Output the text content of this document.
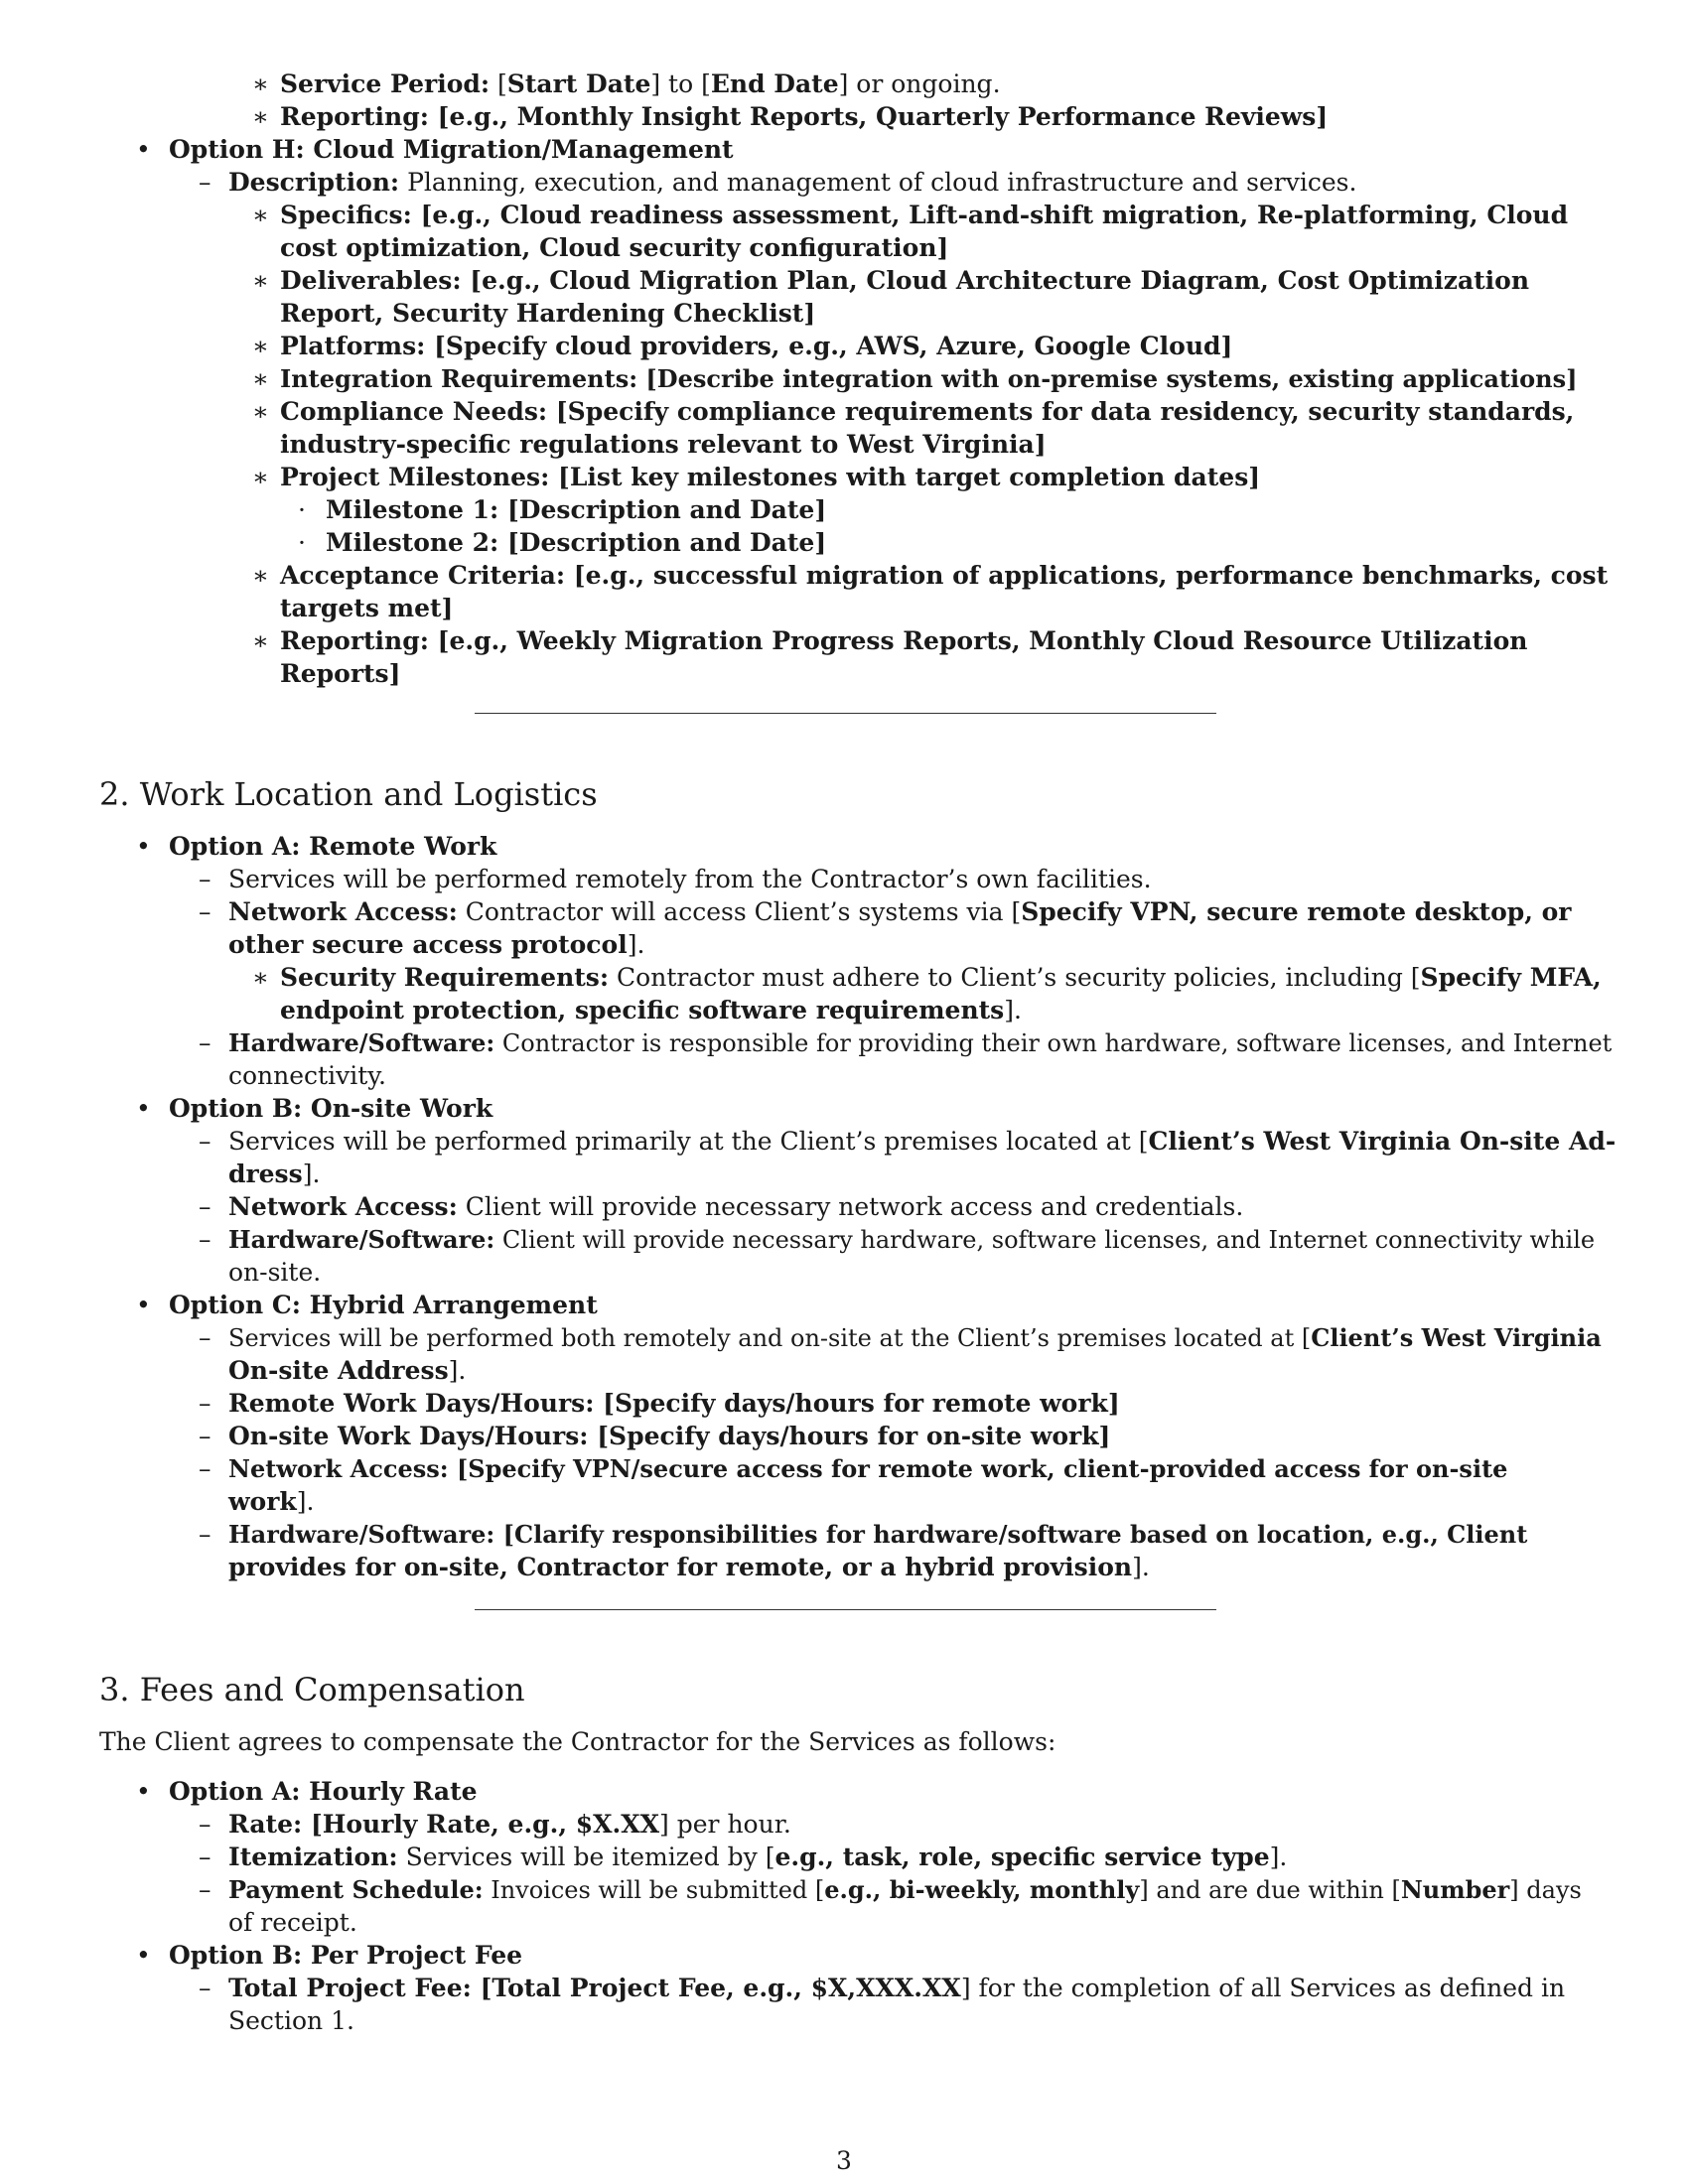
∗ Service Period: [Start Date] to [End Date] or ongoing.
∗ Reporting: [e.g., Monthly Insight Reports, Quarterly Performance Reviews]
• Option H: Cloud Migration/Management
– Description: Planning, execution, and management of cloud infrastructure and services.
∗ Specifics: [e.g., Cloud readiness assessment, Lift-and-shift migration, Re-platforming, Cloud
cost optimization, Cloud security configuration]
∗ Deliverables: [e.g., Cloud Migration Plan, Cloud Architecture Diagram, Cost Optimization
Report, Security Hardening Checklist]
∗ Platforms: [Specify cloud providers, e.g., AWS, Azure, Google Cloud]
∗ Integration Requirements: [Describe integration with on-premise systems, existing applications]
∗ Compliance Needs: [Specify compliance requirements for data residency, security standards,
industry-specific regulations relevant to West Virginia]
∗ Project Milestones: [List key milestones with target completion dates]
· Milestone 1: [Description and Date]
· Milestone 2: [Description and Date]
∗ Acceptance Criteria: [e.g., successful migration of applications, performance benchmarks, cost
targets met]
∗ Reporting: [e.g., Weekly Migration Progress Reports, Monthly Cloud Resource Utilization
Reports]
2. Work Location and Logistics
• Option A: Remote Work
– Services will be performed remotely from the Contractor’s own facilities.
– Network Access: Contractor will access Client’s systems via [Specify VPN, secure remote desktop, or
other secure access protocol].
∗ Security Requirements: Contractor must adhere to Client’s security policies, including [Specify MFA,
endpoint protection, specific software requirements].
– Hardware/Software: Contractor is responsible for providing their own hardware, software licenses, and Internet
connectivity.
• Option B: On-site Work
– Services will be performed primarily at the Client’s premises located at [Client’s West Virginia On-site Ad-
dress].
– Network Access: Client will provide necessary network access and credentials.
– Hardware/Software: Client will provide necessary hardware, software licenses, and Internet connectivity while
on-site.
• Option C: Hybrid Arrangement
– Services will be performed both remotely and on-site at the Client’s premises located at [Client’s West Virginia
On-site Address].
– Remote Work Days/Hours: [Specify days/hours for remote work]
– On-site Work Days/Hours: [Specify days/hours for on-site work]
– Network Access: [Specify VPN/secure access for remote work, client-provided access for on-site
work].
– Hardware/Software: [Clarify responsibilities for hardware/software based on location, e.g., Client
provides for on-site, Contractor for remote, or a hybrid provision].
3. Fees and Compensation
The Client agrees to compensate the Contractor for the Services as follows:
• Option A: Hourly Rate
– Rate: [Hourly Rate, e.g., $X.XX] per hour.
– Itemization: Services will be itemized by [e.g., task, role, specific service type].
– Payment Schedule: Invoices will be submitted [e.g., bi-weekly, monthly] and are due within [Number] days
of receipt.
• Option B: Per Project Fee
– Total Project Fee: [Total Project Fee, e.g., $X,XXX.XX] for the completion of all Services as defined in
Section 1.
3
